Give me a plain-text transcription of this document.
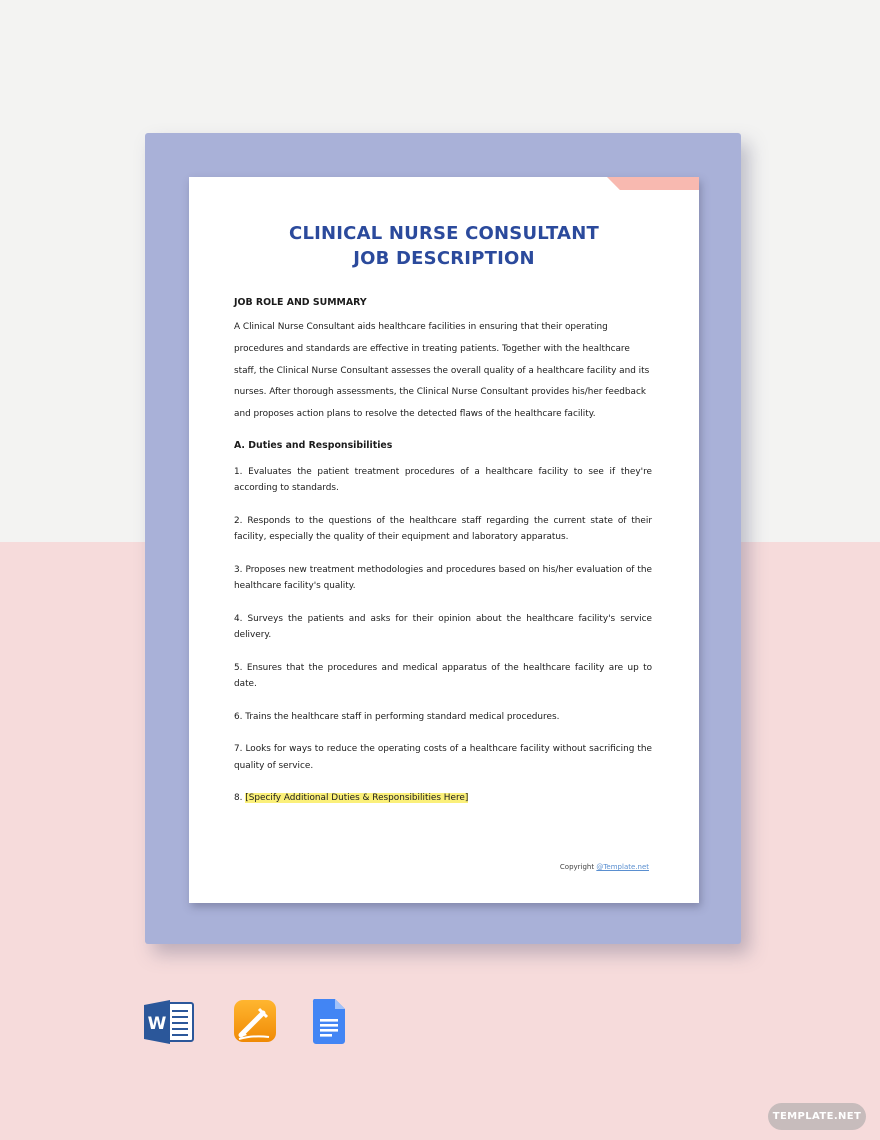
CLINICAL NURSE CONSULTANT
JOB DESCRIPTION
JOB ROLE AND SUMMARY
A Clinical Nurse Consultant aids healthcare facilities in ensuring that their operating procedures and standards are effective in treating patients. Together with the healthcare staff, the Clinical Nurse Consultant assesses the overall quality of a healthcare facility and its nurses. After thorough assessments, the Clinical Nurse Consultant provides his/her feedback and proposes action plans to resolve the detected flaws of the healthcare facility.
A. Duties and Responsibilities
1. Evaluates the patient treatment procedures of a healthcare facility to see if they're according to standards.
2. Responds to the questions of the healthcare staff regarding the current state of their facility, especially the quality of their equipment and laboratory apparatus.
3. Proposes new treatment methodologies and procedures based on his/her evaluation of the healthcare facility's quality.
4. Surveys the patients and asks for their opinion about the healthcare facility's service delivery.
5. Ensures that the procedures and medical apparatus of the healthcare facility are up to date.
6. Trains the healthcare staff in performing standard medical procedures.
7. Looks for ways to reduce the operating costs of a healthcare facility without sacrificing the quality of service.
8. [Specify Additional Duties & Responsibilities Here]
Copyright @Template.net
W
TEMPLATE.NET
